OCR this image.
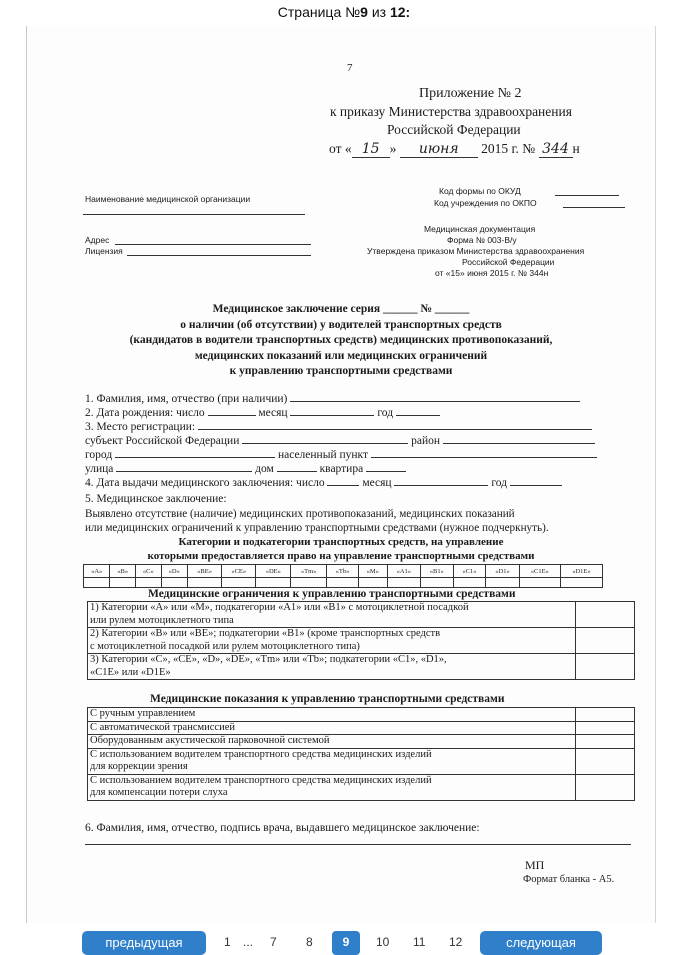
Страница №9 из 12:
7
Приложение № 2
к приказу Министерства здравоохранения
Российской Федерации
от « 15 » июня 2015 г. № 344 н
Наименование медицинской организации
Адрес
Лицензия
Код формы по ОКУД
Код учреждения по ОКПО
Медицинская документация
Форма № 003-В/у
Утверждена приказом Министерства здравоохранения
Российской Федерации
от «15» июня 2015 г. № 344н
Медицинское заключение серия ______ № ______
о наличии (об отсутствии) у водителей транспортных средств
(кандидатов в водители транспортных средств) медицинских противопоказаний,
медицинских показаний или медицинских ограничений
к управлению транспортными средствами
1. Фамилия, имя, отчество (при наличии)
2. Дата рождения: число	месяц	год
3. Место регистрации:
субъект Российской Федерации	район
город	населенный пункт
улица	дом	квартира
4. Дата выдачи медицинского заключения: число	месяц	год
5. Медицинское заключение:
Выявлено отсутствие (наличие) медицинских противопоказаний, медицинских показаний
или медицинских ограничений к управлению транспортными средствами (нужное подчеркнуть).
Категории и подкатегории транспортных средств, на управление
которыми предоставляется право на управление транспортными средствами
«A»	«B»	«C»	«D»	«BE»	«CE»	«DE»	«Tm»	«Tb»	«M»	«A1»	«B1»	«C1»	«D1»	«C1E»	«D1E»

Медицинские ограничения к управлению транспортными средствами
1) Категории «A» или «M», подкатегории «A1» или «B1» с мотоциклетной посадкой
или рулем мотоциклетного типа
2) Категории «B» или «BE»; подкатегории «B1» (кроме транспортных средств
с мотоциклетной посадкой или рулем мотоциклетного типа)
3) Категории «C», «CE», «D», «DE», «Tm» или «Tb»; подкатегории «C1», «D1»,
«C1E» или «D1E»
Медицинские показания к управлению транспортными средствами
С ручным управлением
С автоматической трансмиссией
Оборудованным акустической парковочной системой
С использованием водителем транспортного средства медицинских изделий
для коррекции зрения
С использованием водителем транспортного средства медицинских изделий
для компенсации потери слуха
6. Фамилия, имя, отчество, подпись врача, выдавшего медицинское заключение:
МП
Формат бланка - А5.
предыдущая	1 ... 7 8	9	10 11 12	следующая
